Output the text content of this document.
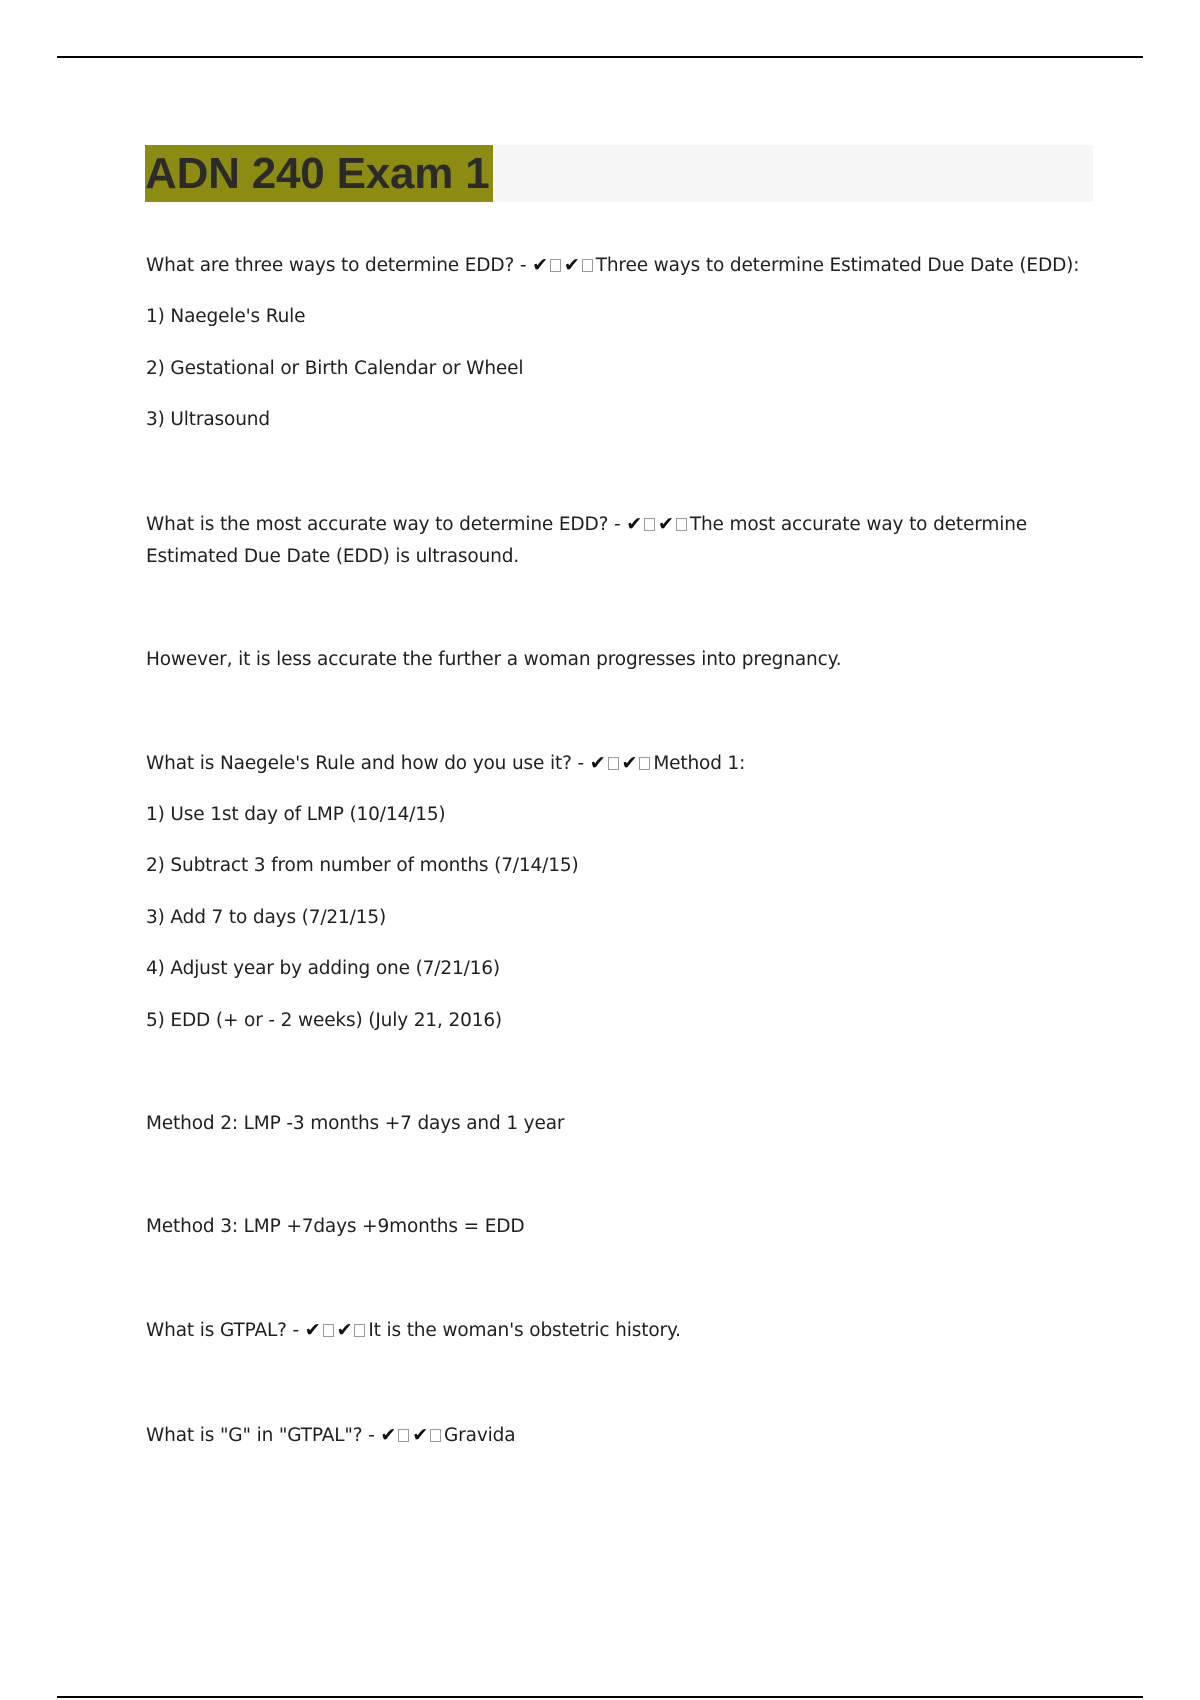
ADN 240 Exam 1
What are three ways to determine EDD? - ✔ ✔ Three ways to determine Estimated Due Date (EDD):
1) Naegele's Rule
2) Gestational or Birth Calendar or Wheel
3) Ultrasound
What is the most accurate way to determine EDD? - ✔ ✔ The most accurate way to determine
Estimated Due Date (EDD) is ultrasound.
However, it is less accurate the further a woman progresses into pregnancy.
What is Naegele's Rule and how do you use it? - ✔ ✔ Method 1:
1) Use 1st day of LMP (10/14/15)
2) Subtract 3 from number of months (7/14/15)
3) Add 7 to days (7/21/15)
4) Adjust year by adding one (7/21/16)
5) EDD (+ or - 2 weeks) (July 21, 2016)
Method 2: LMP -3 months +7 days and 1 year
Method 3: LMP +7days +9months = EDD
What is GTPAL? - ✔ ✔ It is the woman's obstetric history.
What is "G" in "GTPAL"? - ✔ ✔ Gravida
